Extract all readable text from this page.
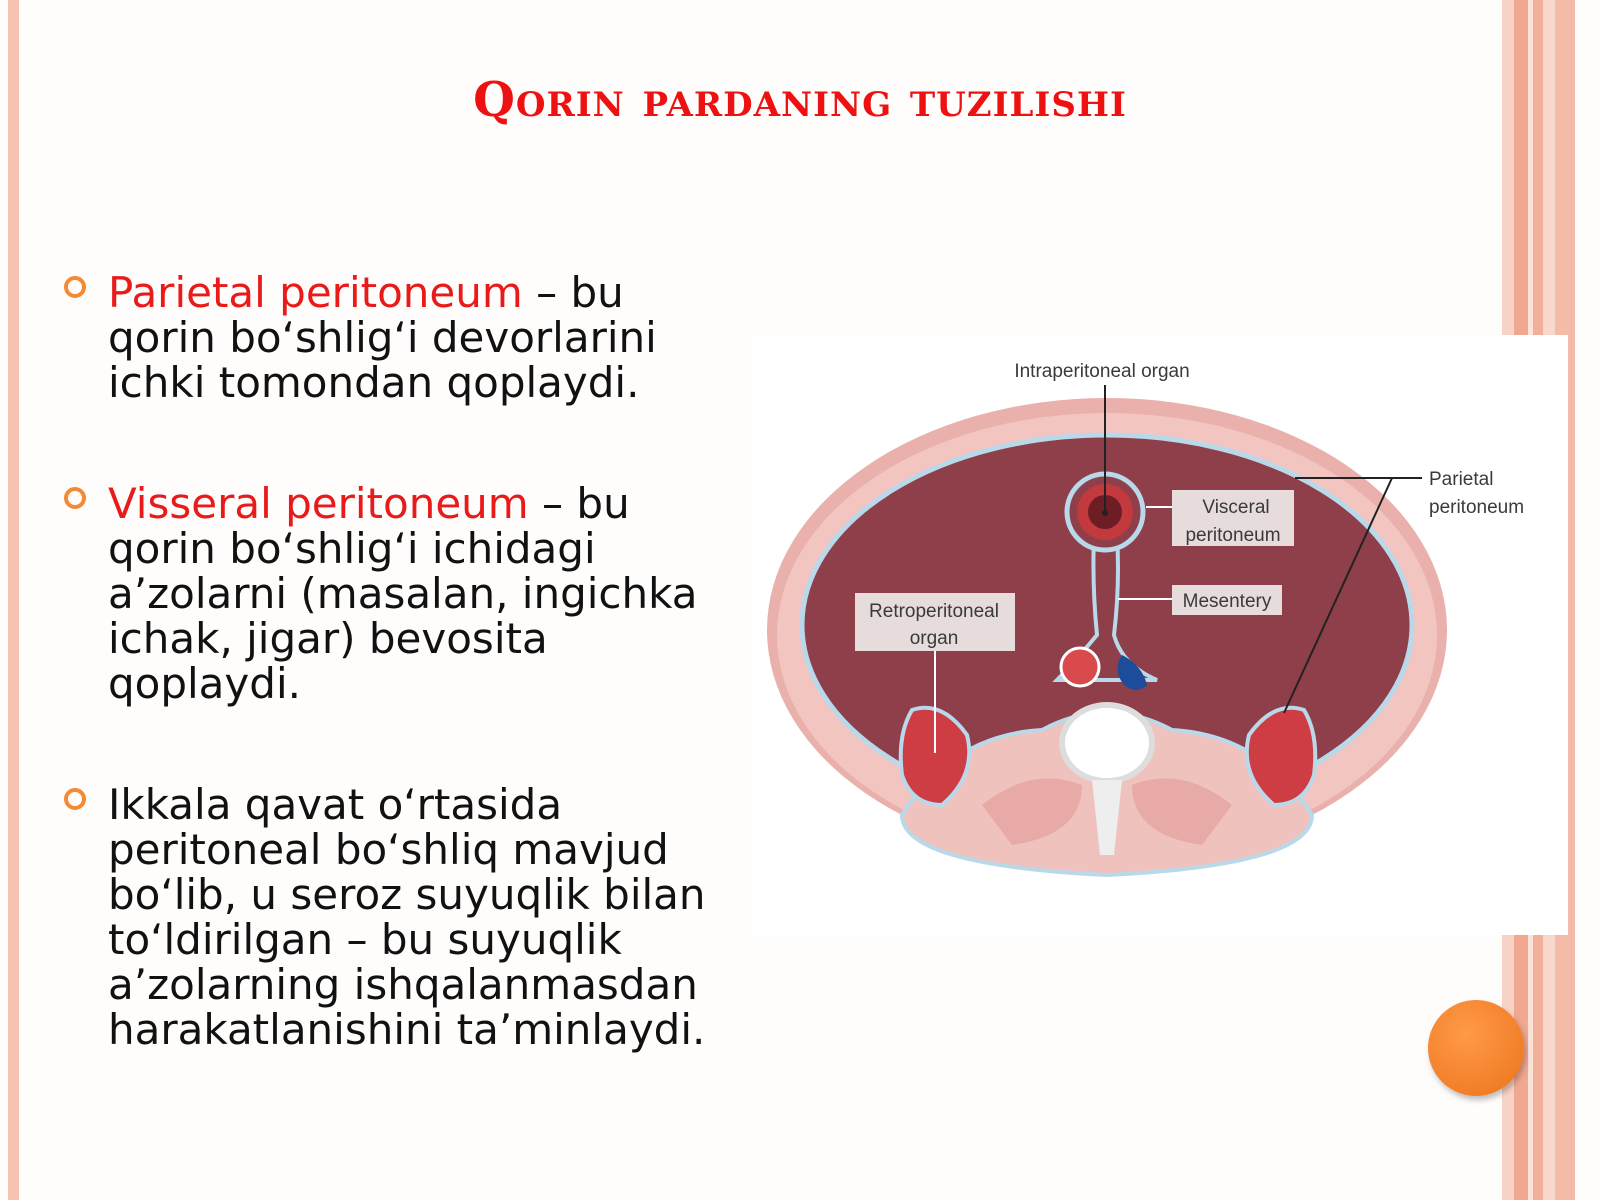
Qorin pardaning tuzilishi
Parietal peritoneum – bu qorin bo‘shlig‘i devorlarini ichki tomondan qoplaydi.
Visseral peritoneum – bu qorin bo‘shlig‘i ichidagi a’zolarni (masalan, ingichka ichak, jigar) bevosita qoplaydi.
Ikkala qavat o‘rtasida peritoneal bo‘shliq mavjud bo‘lib, u seroz suyuqlik bilan to‘ldirilgan – bu suyuqlik a’zolarning ishqalanmasdan harakatlanishini ta’minlaydi.
Intraperitoneal organ
Parietal
peritoneum
Visceral
peritoneum
Mesentery
Retroperitoneal
organ
